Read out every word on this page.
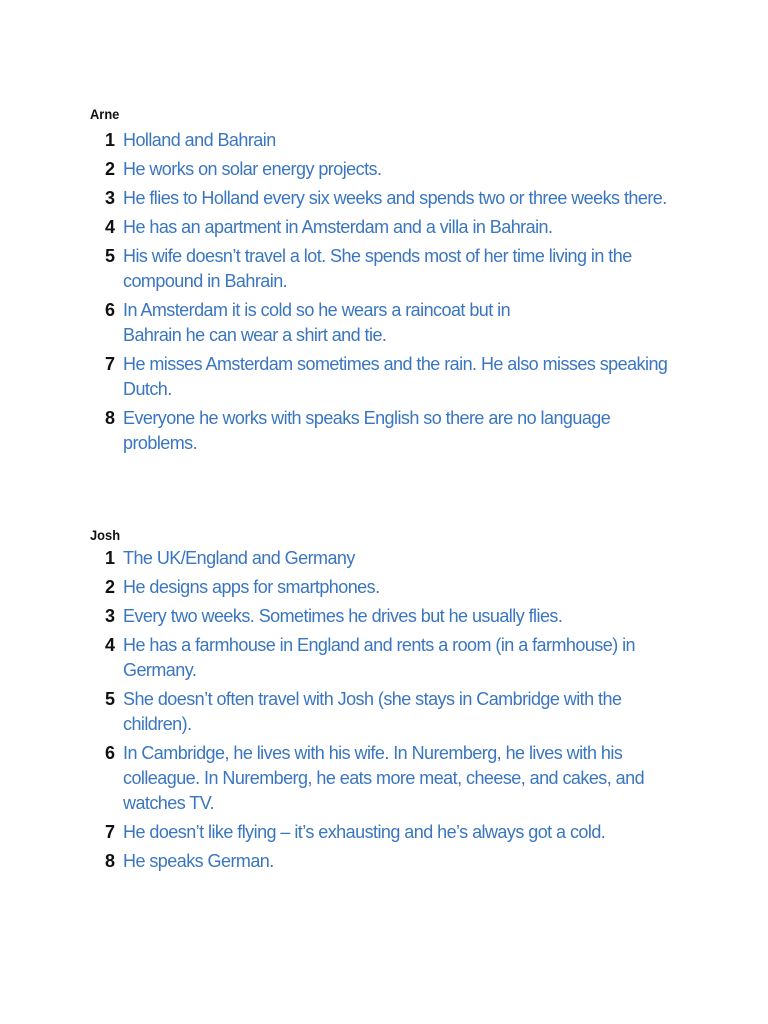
Arne
1 Holland and Bahrain
2 He works on solar energy projects.
3 He flies to Holland every six weeks and spends two or three weeks there.
4 He has an apartment in Amsterdam and a villa in Bahrain.
5 His wife doesn’t travel a lot. She spends most of her time living in the
compound in Bahrain.
6 In Amsterdam it is cold so he wears a raincoat but in
Bahrain he can wear a shirt and tie.
7 He misses Amsterdam sometimes and the rain. He also misses speaking
Dutch.
8 Everyone he works with speaks English so there are no language
problems.
Josh
1 The UK/England and Germany
2 He designs apps for smartphones.
3 Every two weeks. Sometimes he drives but he usually flies.
4 He has a farmhouse in England and rents a room (in a farmhouse) in
Germany.
5 She doesn’t often travel with Josh (she stays in Cambridge with the
children).
6 In Cambridge, he lives with his wife. In Nuremberg, he lives with his
colleague. In Nuremberg, he eats more meat, cheese, and cakes, and
watches TV.
7 He doesn’t like flying – it’s exhausting and he’s always got a cold.
8 He speaks German.
